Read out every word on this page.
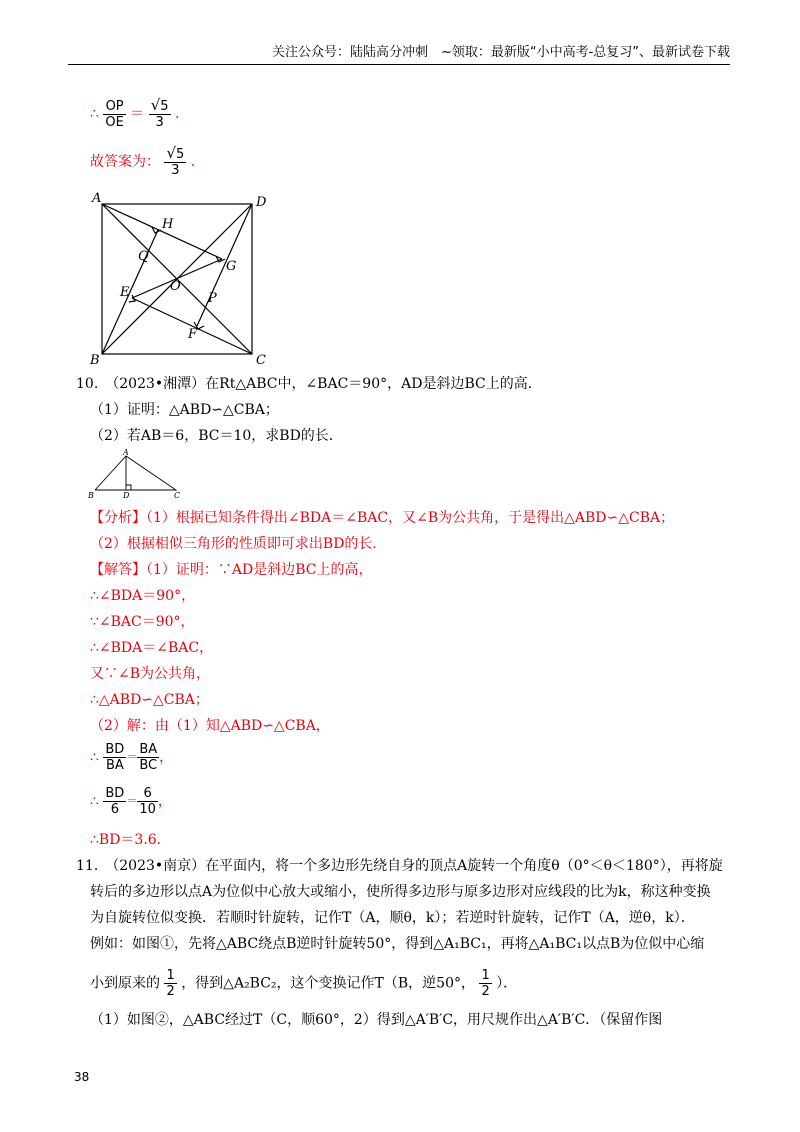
关注公众号：陆陆高分冲刺　~领取：最新版“小中高考-总复习”、最新试卷下载
∴ $\frac{OP}{OE} = \frac{√5}{3}$ .
故答案为： $\frac{√5}{3}$ .
A	D
H
Q
G
E	O
P
F
B	C
10.　（2023•湘潭）在Rt△ABC中，∠BAC＝90°，AD是斜边BC上的高．
（1）证明：△ABD∽△CBA；
（2）若AB＝6，BC＝10，求BD的长．
A
B	D	C
【分析】（1）根据已知条件得出∠BDA＝∠BAC，又∠B为公共角，于是得出△ABD∽△CBA；
（2）根据相似三角形的性质即可求出BD的长．
【解答】（1）证明：∵AD是斜边BC上的高，
∴∠BDA＝90°，
∵∠BAC＝90°，
∴∠BDA＝∠BAC，
又∵∠B为公共角，
∴△ABD∽△CBA；
（2）解：由（1）知△ABD∽△CBA，
∴ $\frac{BD}{BA} = \frac{BA}{BC}$ ，
∴ $\frac{BD}{6} = \frac{6}{10}$ ，
∴BD＝3.6．
11.　（2023•南京）在平面内，将一个多边形先绕自身的顶点A旋转一个角度θ（0°＜θ＜180°），再将旋
转后的多边形以点A为位似中心放大或缩小，使所得多边形与原多边形对应线段的比为k，称这种变换
为自旋转位似变换．若顺时针旋转，记作T（A，顺θ，k）；若逆时针旋转，记作T（A，逆θ，k）．
例如：如图①，先将△ABC绕点B逆时针旋转50°，得到△A₁BC₁，再将△A₁BC₁以点B为位似中心缩
小到原来的 $\frac{1}{2}$ ，得到△A₂BC₂，这个变换记作T（B，逆50°， $\frac{1}{2}$ ）．
（1）如图②，△ABC经过T（C，顺60°，2）得到△A′B′C，用尺规作出△A′B′C．（保留作图
38
